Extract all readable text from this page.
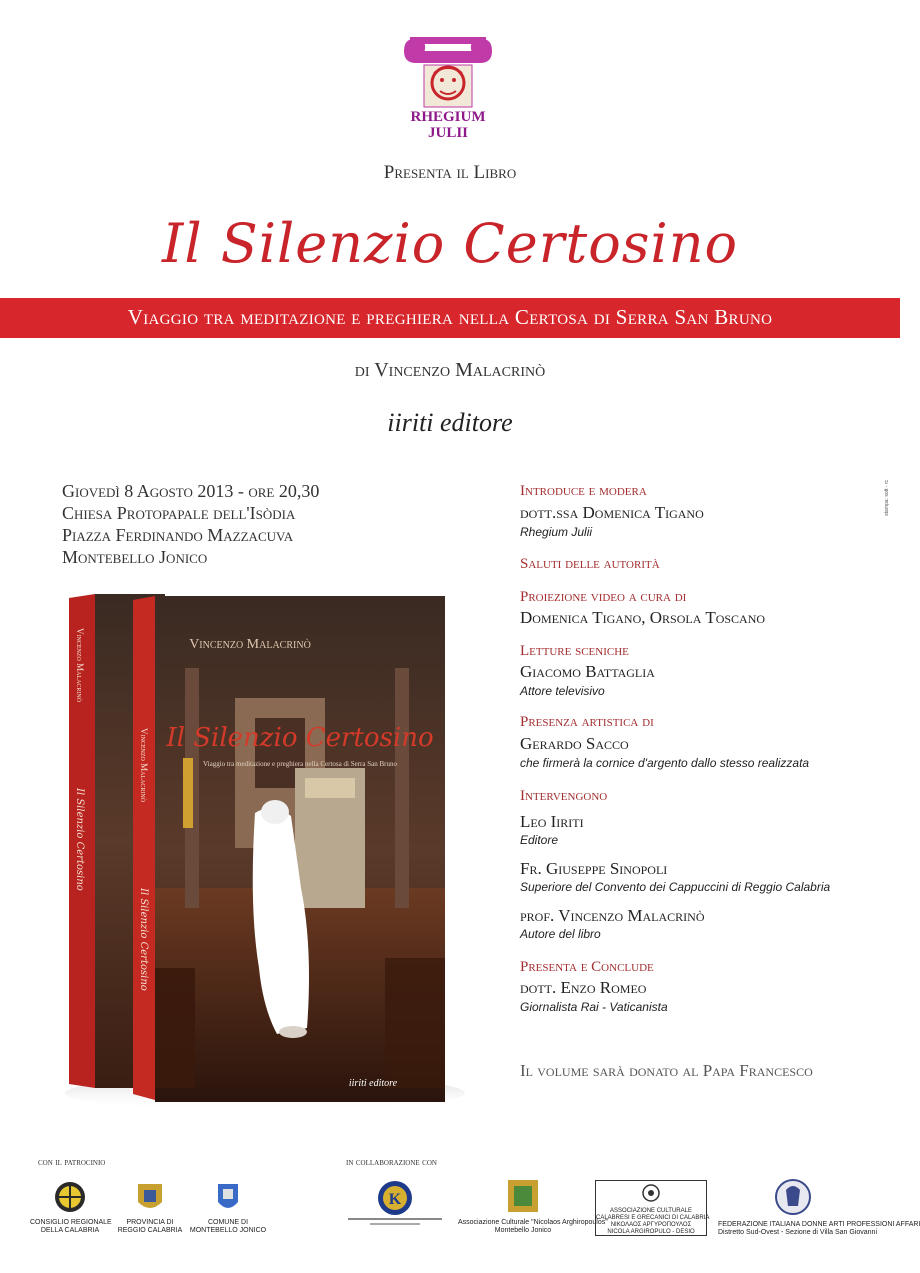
RHEGIUM
JULII
Presenta il Libro
Il Silenzio Certosino
Viaggio tra meditazione e preghiera nella Certosa di Serra San Bruno
di Vincenzo Malacrinò
iiriti editore
Giovedì 8 Agosto 2013 - ore 20,30
Chiesa Protopapale dell'Isòdia
Piazza Ferdinando Mazzacuva
Montebello Jonico
Introduce e modera
dott.ssa Domenica Tigano
Rhegium Julii
Saluti delle autorità
Proiezione video a cura di
Domenica Tigano, Orsola Toscano
Letture sceniche
Giacomo Battaglia
Attore televisivo
Presenza artistica di
Gerardo Sacco
che firmerà la cornice d'argento dallo stesso realizzata
Intervengono
Leo Iiriti
Editore
Fr. Giuseppe Sinopoli
Superiore del Convento dei Cappuccini di Reggio Calabria
prof. Vincenzo Malacrinò
Autore del libro
Presenta e Conclude
dott. Enzo Romeo
Giornalista Rai - Vaticanista
Il volume sarà donato al Papa Francesco
Vincenzo Malacrinò
Il Silenzio Certosino
Viaggio tra meditazione e preghiera nella Certosa di Serra San Bruno
iiriti editore
Vincenzo Malacrinò
Il Silenzio Certosino
Vincenzo Malacrinò
Il Silenzio Certosino
con il patrocinio	in collaborazione con
CONSIGLIO REGIONALE
DELLA CALABRIA
PROVINCIA DI
REGGIO CALABRIA
COMUNE DI
MONTEBELLO JONICO
K
Associazione Culturale "Nicolaos Arghiropoulos"
Montebello Jonico
ASSOCIAZIONE CULTURALE
CALABRESI E GRECANICI DI CALABRIA
ΝΙΚΟΛΑΟΣ ΑΡΓΥΡΟΠΟΥΛΟΣ
NICOLA ARGIROPULO - DESIO
FEDERAZIONE ITALIANA DONNE ARTI PROFESSIONI AFFARI
Distretto Sud-Ovest - Sezione di Villa San Giovanni
stampa: sott - rc
